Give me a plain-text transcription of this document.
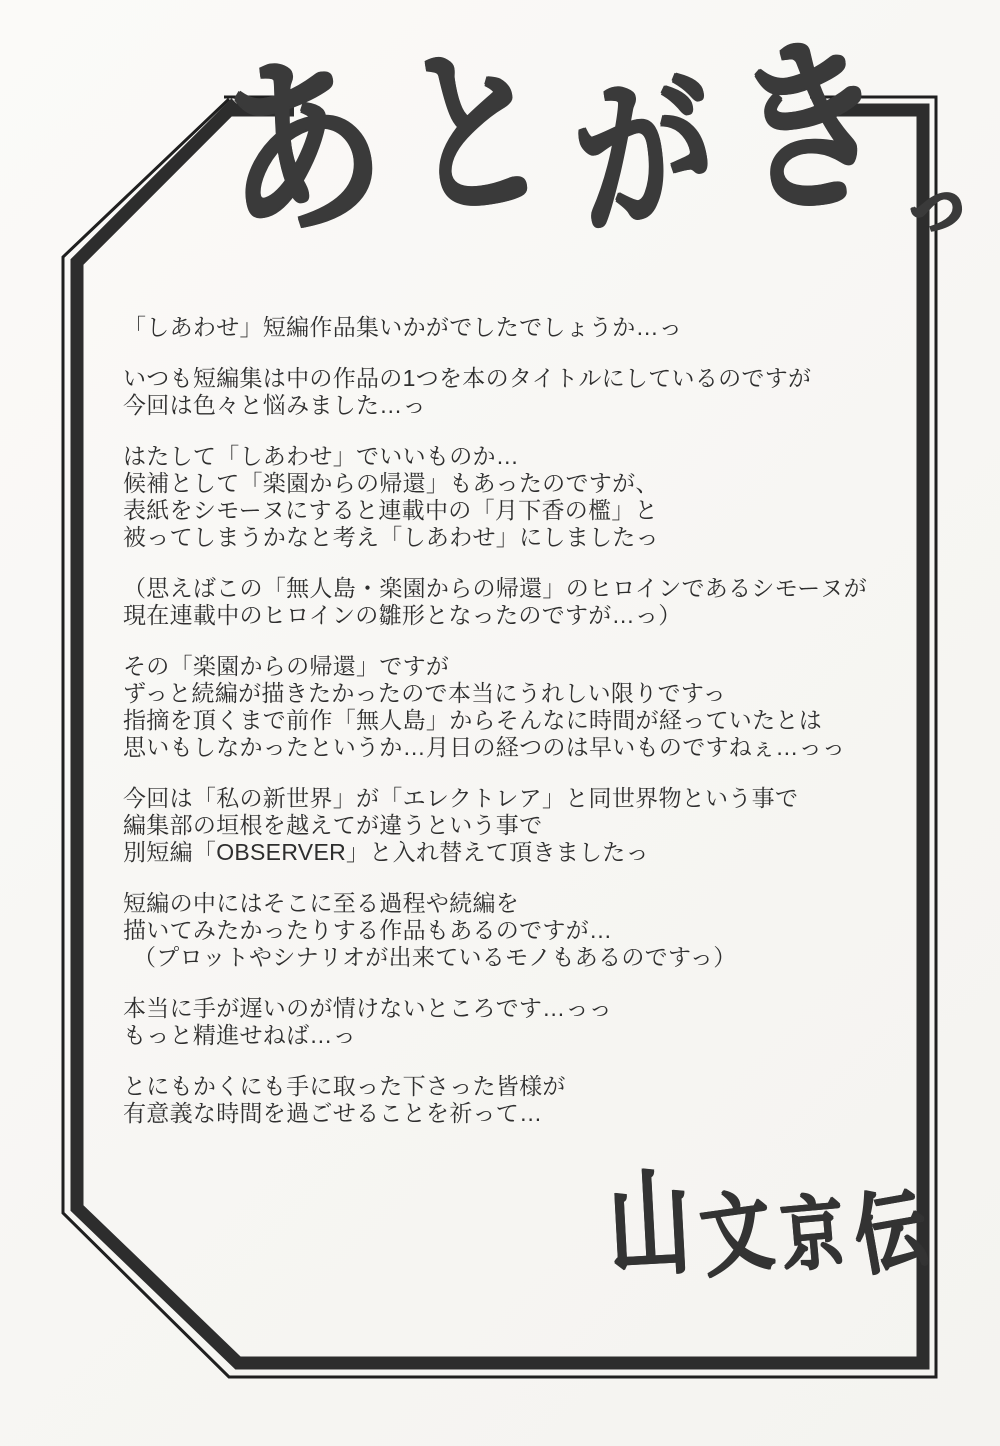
あ
と が き
っ
「しあわせ」短編作品集いかがでしたでしょうか…っ
いつも短編集は中の作品の1つを本のタイトルにしているのですが
今回は色々と悩みました…っ
はたして「しあわせ」でいいものか…
候補として「楽園からの帰還」もあったのですが、
表紙をシモーヌにすると連載中の「月下香の檻」と
被ってしまうかなと考え「しあわせ」にしましたっ
（思えばこの「無人島・楽園からの帰還」のヒロインであるシモーヌが
現在連載中のヒロインの雛形となったのですが…っ）
その「楽園からの帰還」ですが
ずっと続編が描きたかったので本当にうれしい限りですっ
指摘を頂くまで前作「無人島」からそんなに時間が経っていたとは
思いもしなかったというか…月日の経つのは早いものですねぇ…っっ
今回は「私の新世界」が「エレクトレア」と同世界物という事で
編集部の垣根を越えてが違うという事で
別短編「OBSERVER」と入れ替えて頂きましたっ
短編の中にはそこに至る過程や続編を
描いてみたかったりする作品もあるのですが…
（プロットやシナリオが出来ているモノもあるのですっ）
本当に手が遅いのが情けないところです…っっ
もっと精進せねば…っ
とにもかくにも手に取った下さった皆様が
有意義な時間を過ごせることを祈って…
山 文 京
伝
